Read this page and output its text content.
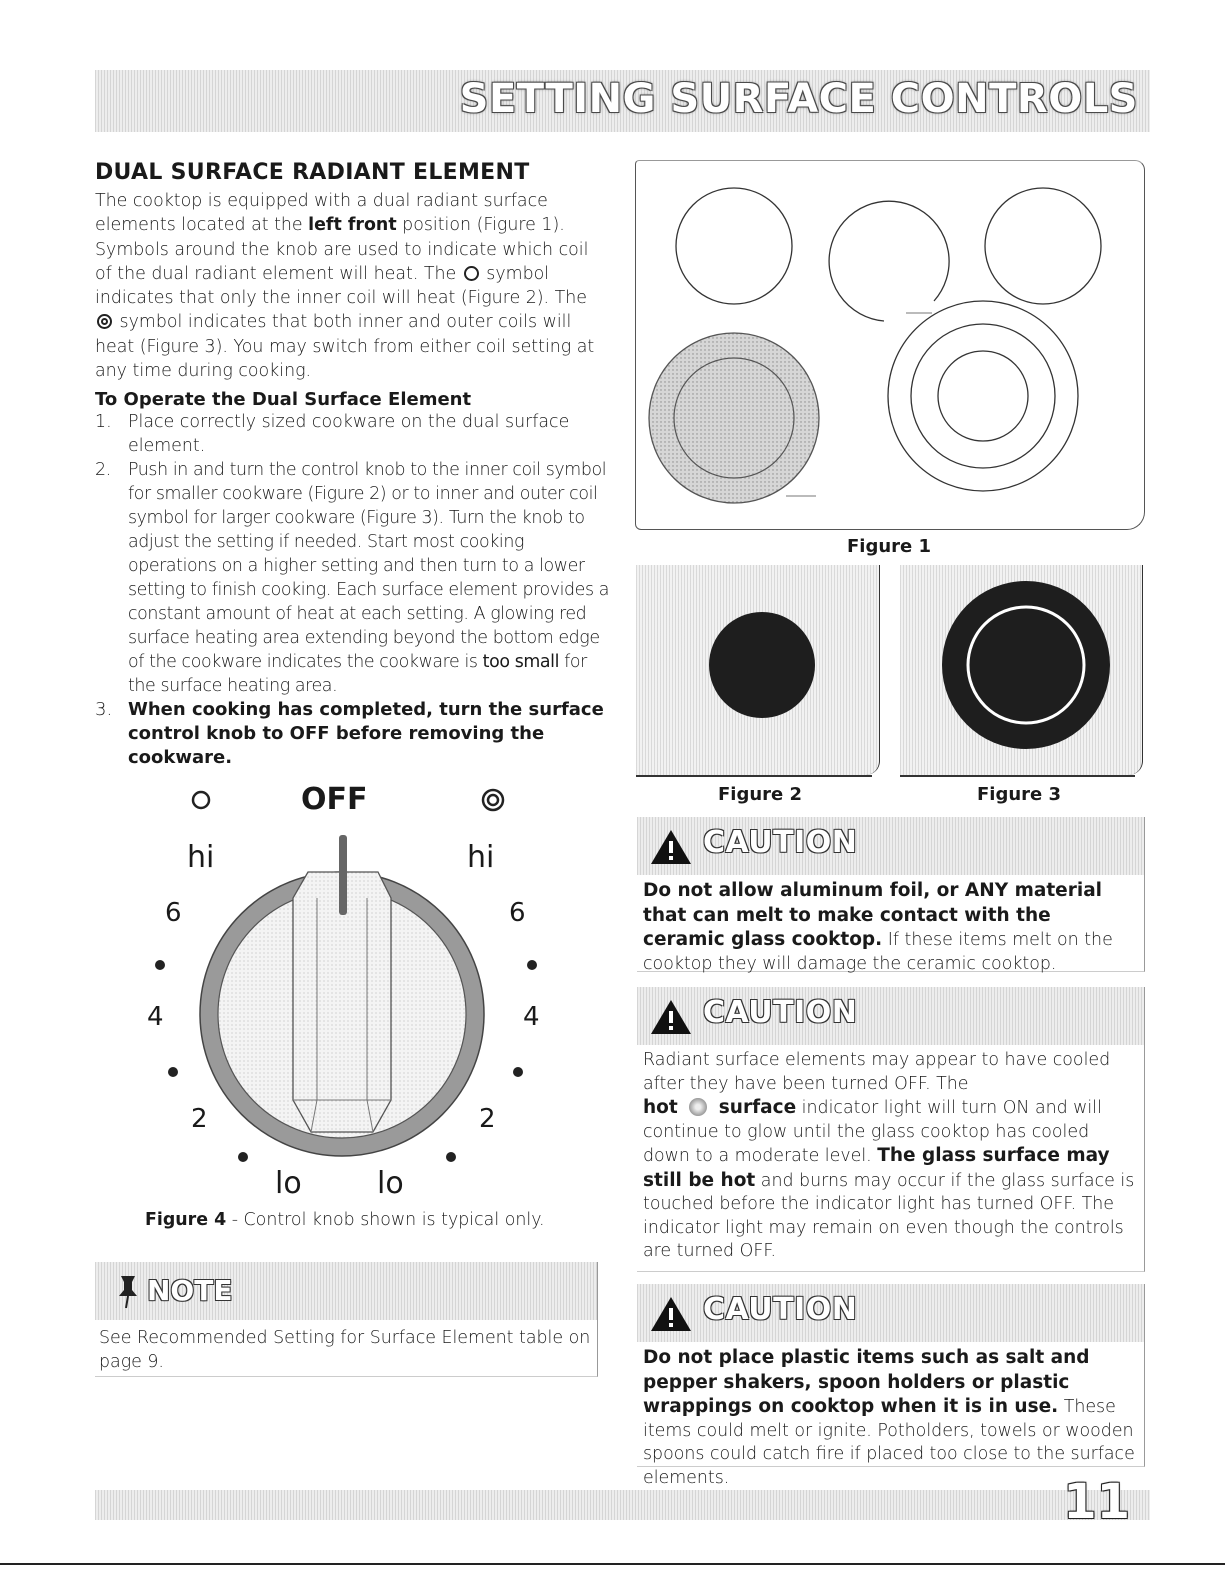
SETTING SURFACE CONTROLS
DUAL SURFACE RADIANT ELEMENT

The cooktop is equipped with a dual radiant surface elements located at the left front position (Figure 1). Symbols around the knob are used to indicate which coil of the dual radiant element will heat. The  symbol indicates that only the inner coil will heat (Figure 2). The  symbol indicates that both inner and outer coils will heat (Figure 3). You may switch from either coil setting at any time during cooking.

To Operate the Dual Surface Element
1. Place correctly sized cookware on the dual surface element.
2. Push in and turn the control knob to the inner coil symbol for smaller cookware (Figure 2) or to inner and outer coil symbol for larger cookware (Figure 3). Turn the knob to adjust the setting if needed. Start most cooking operations on a higher setting and then turn to a lower setting to finish cooking. Each surface element provides a constant amount of heat at each setting. A glowing red surface heating area extending beyond the bottom edge of the cookware indicates the cookware is too small for the surface heating area.
3. When cooking has completed, turn the surface control knob to OFF before removing the cookware.
OFF
hi	hi
6	6
4	4
2	2
lo	lo
Figure 4 - Control knob shown is typical only.
NOTE
See Recommended Setting for Surface Element table on page 9.
Figure 1
Figure 2	Figure 3
CAUTION
Do not allow aluminum foil, or ANY material that can melt to make contact with the ceramic glass cooktop. If these items melt on the cooktop they will damage the ceramic cooktop.
CAUTION
Radiant surface elements may appear to have cooled after they have been turned OFF. The
hot surface indicator light will turn ON and will continue to glow until the glass cooktop has cooled down to a moderate level. The glass surface may still be hot and burns may occur if the glass surface is touched before the indicator light has turned OFF. The indicator light may remain on even though the controls are turned OFF.
CAUTION
Do not place plastic items such as salt and pepper shakers, spoon holders or plastic wrappings on cooktop when it is in use. These items could melt or ignite. Potholders, towels or wooden spoons could catch fire if placed too close to the surface elements.	11
